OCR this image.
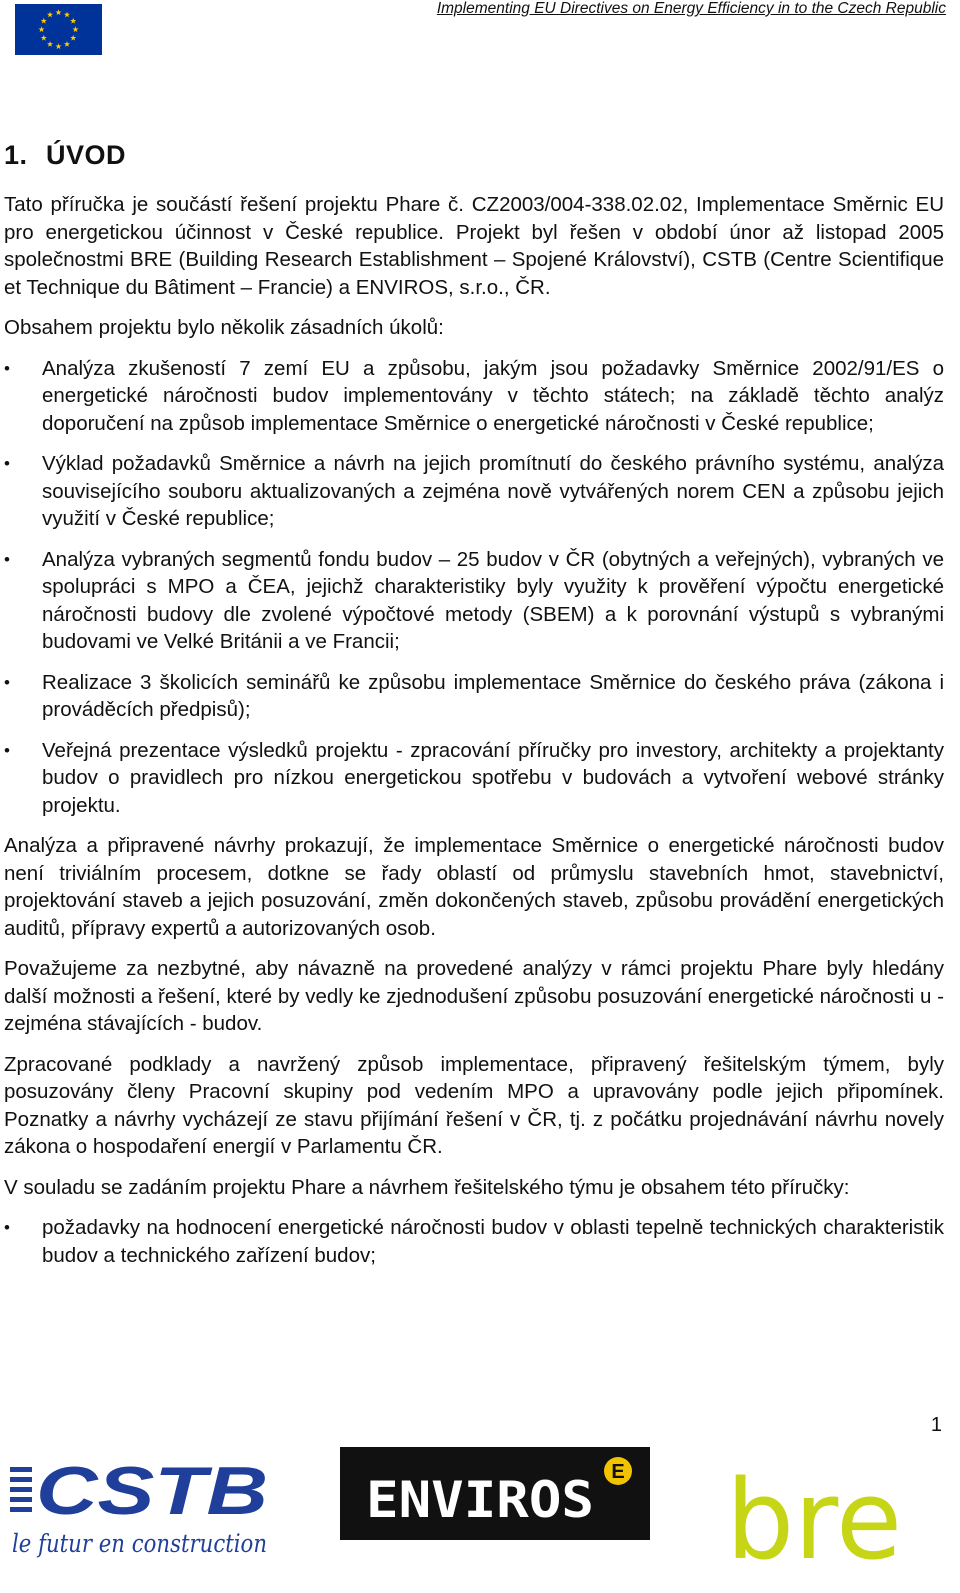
Implementing EU Directives on Energy Efficiency in to the Czech Republic
1. ÚVOD

Tato příručka je součástí řešení projektu Phare č. CZ2003/004-338.02.02, Implementace Směrnic EU pro energetickou účinnost v České republice. Projekt byl řešen v období únor až listopad 2005 společnostmi BRE (Building Research Establishment – Spojené Království), CSTB (Centre Scientifique et Technique du Bâtiment – Francie) a ENVIROS, s.r.o., ČR.

Obsahem projektu bylo několik zásadních úkolů:

• Analýza zkušeností 7 zemí EU a způsobu, jakým jsou požadavky Směrnice 2002/91/ES o energetické náročnosti budov implementovány v těchto státech; na základě těchto analýz doporučení na způsob implementace Směrnice o energetické náročnosti v České republice;
• Výklad požadavků Směrnice a návrh na jejich promítnutí do českého právního systému, analýza souvisejícího souboru aktualizovaných a zejména nově vytvářených norem CEN a způsobu jejich využití v České republice;
• Analýza vybraných segmentů fondu budov – 25 budov v ČR (obytných a veřejných), vybraných ve spolupráci s MPO a ČEA, jejichž charakteristiky byly využity k prověření výpočtu energetické náročnosti budovy dle zvolené výpočtové metody (SBEM) a k porovnání výstupů s vybranými budovami ve Velké Británii a ve Francii;
• Realizace 3 školicích seminářů ke způsobu implementace Směrnice do českého práva (zákona i prováděcích předpisů);
• Veřejná prezentace výsledků projektu - zpracování příručky pro investory, architekty a projektanty budov o pravidlech pro nízkou energetickou spotřebu v budovách a vytvoření webové stránky projektu.

Analýza a připravené návrhy prokazují, že implementace Směrnice o energetické náročnosti budov není triviálním procesem, dotkne se řady oblastí od průmyslu stavebních hmot, stavebnictví, projektování staveb a jejich posuzování, změn dokončených staveb, způsobu provádění energetických auditů, přípravy expertů a autorizovaných osob.

Považujeme za nezbytné, aby návazně na provedené analýzy v rámci projektu Phare byly hledány další možnosti a řešení, které by vedly ke zjednodušení způsobu posuzování energetické náročnosti u - zejména stávajících - budov.

Zpracované podklady a navržený způsob implementace, připravený řešitelským týmem, byly posuzovány členy Pracovní skupiny pod vedením MPO a upravovány podle jejich připomínek. Poznatky a návrhy vycházejí ze stavu přijímání řešení v ČR, tj. z počátku projednávání návrhu novely zákona o hospodaření energií v Parlamentu ČR.

V souladu se zadáním projektu Phare a návrhem řešitelského týmu je obsahem této příručky:

• požadavky na hodnocení energetické náročnosti budov v oblasti tepelně technických charakteristik budov a technického zařízení budov;
1
CSTB
le futur en construction
ENVIROS E bre
